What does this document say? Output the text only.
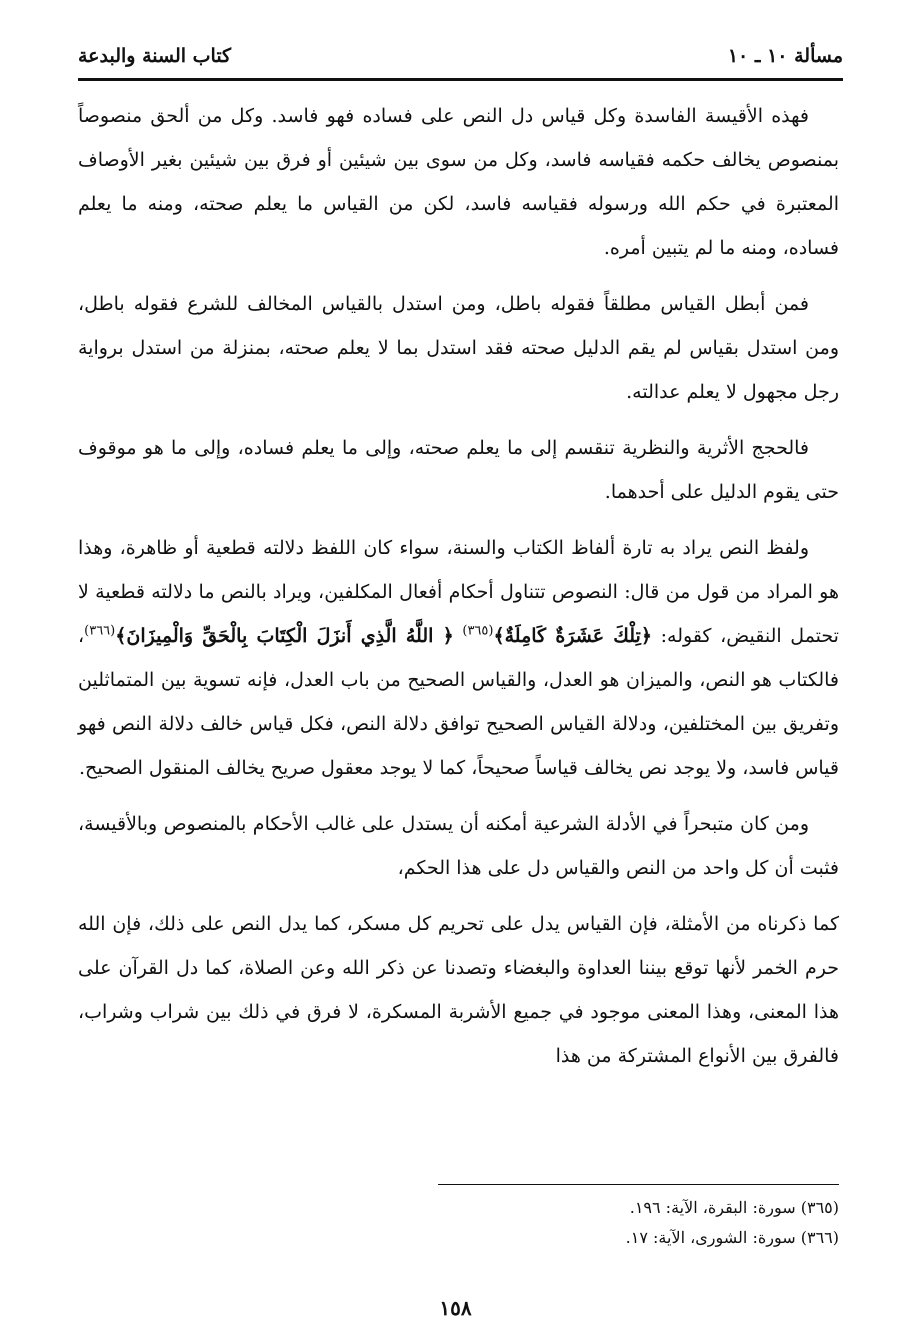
مسألة ١٠ ـ ١٠
كتاب السنة والبدعة

فهذه الأقيسة الفاسدة وكل قياس دل النص على فساده فهو فاسد. وكل من ألحق منصوصاً بمنصوص يخالف حكمه فقياسه فاسد، وكل من سوى بين شيئين أو فرق بين شيئين بغير الأوصاف المعتبرة في حكم الله ورسوله فقياسه فاسد، لكن من القياس ما يعلم صحته، ومنه ما يعلم فساده، ومنه ما لم يتبين أمره.

فمن أبطل القياس مطلقاً فقوله باطل، ومن استدل بالقياس المخالف للشرع فقوله باطل، ومن استدل بقياس لم يقم الدليل صحته فقد استدل بما لا يعلم صحته، بمنزلة من استدل برواية رجل مجهول لا يعلم عدالته.

فالحجج الأثرية والنظرية تنقسم إلى ما يعلم صحته، وإلى ما يعلم فساده، وإلى ما هو موقوف حتى يقوم الدليل على أحدهما.

ولفظ النص يراد به تارة ألفاظ الكتاب والسنة، سواء كان اللفظ دلالته قطعية أو ظاهرة، وهذا هو المراد من قول من قال: النصوص تتناول أحكام أفعال المكلفين، ويراد بالنص ما دلالته قطعية لا تحتمل النقيض، كقوله: ﴿تِلْكَ عَشَرَةٌ كَامِلَةٌ﴾$^{(٣٦٥)}$ ﴿ اللَّهُ الَّذِي أَنزَلَ الْكِتَابَ بِالْحَقِّ وَالْمِيزَانَ﴾$^{(٣٦٦)}$، فالكتاب هو النص، والميزان هو العدل، والقياس الصحيح من باب العدل، فإنه تسوية بين المتماثلين وتفريق بين المختلفين، ودلالة القياس الصحيح توافق دلالة النص، فكل قياس خالف دلالة النص فهو قياس فاسد، ولا يوجد نص يخالف قياساً صحيحاً، كما لا يوجد معقول صريح يخالف المنقول الصحيح.

ومن كان متبحراً في الأدلة الشرعية أمكنه أن يستدل على غالب الأحكام بالمنصوص وبالأقيسة، فثبت أن كل واحد من النص والقياس دل على هذا الحكم،

كما ذكرناه من الأمثلة، فإن القياس يدل على تحريم كل مسكر، كما يدل النص على ذلك، فإن الله حرم الخمر لأنها توقع بيننا العداوة والبغضاء وتصدنا عن ذكر الله وعن الصلاة، كما دل القرآن على هذا المعنى، وهذا المعنى موجود في جميع الأشربة المسكرة، لا فرق في ذلك بين شراب وشراب، فالفرق بين الأنواع المشتركة من هذا

(٣٦٥) سورة: البقرة، الآية: ١٩٦.
(٣٦٦) سورة: الشورى، الآية: ١٧.
١٥٨
